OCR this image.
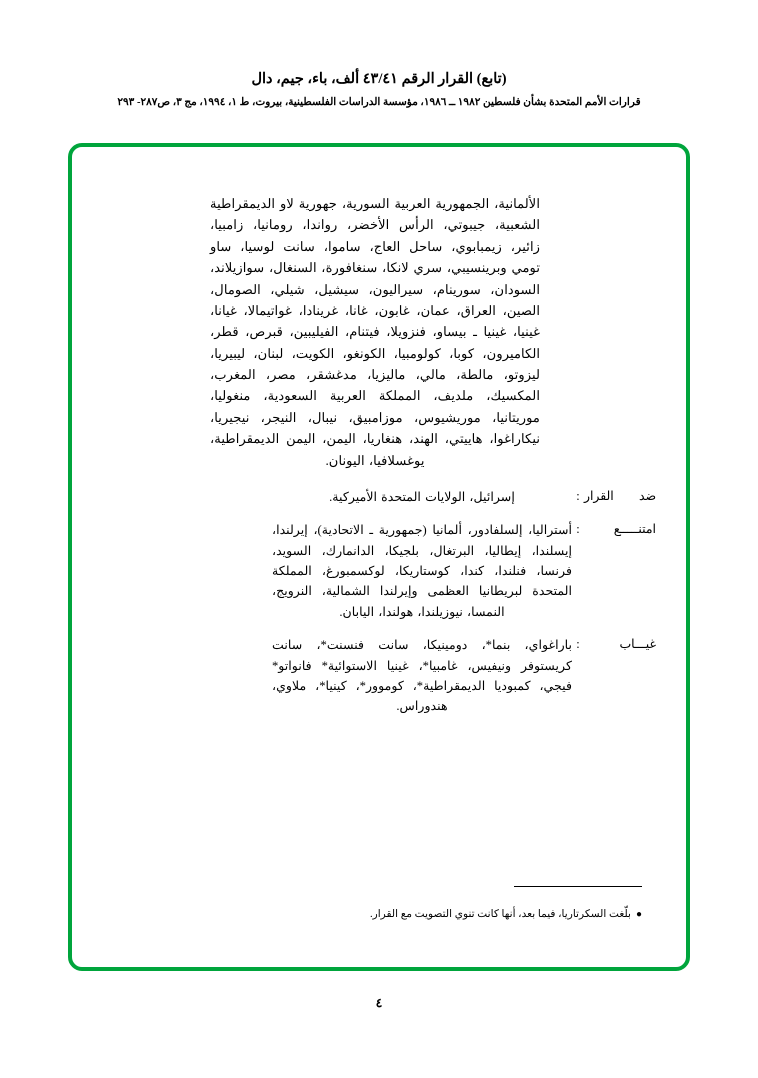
(تابع) القرار الرقم ٤٣/٤١ ألف، باء، جيم، دال
قرارات الأمم المتحدة بشأن فلسطين ١٩٨٢ ــ ١٩٨٦، مؤسسة الدراسات الفلسطينية، بيروت، ط ١، ١٩٩٤، مج ٣، ص٢٨٧- ٢٩٣
الألمانية، الجمهورية العربية السورية، جهورية لاو الديمقراطية الشعبية، جيبوتي، الرأس الأخضر، رواندا، رومانيا، زامبيا، زائير، زيمبابوي، ساحل العاج، ساموا، سانت لوسيا، ساو تومي وبرينسيبي، سري لانكا، سنغافورة، السنغال، سوازيلاند، السودان، سورينام، سيراليون، سيشيل، شيلي، الصومال، الصين، العراق، عمان، غابون، غانا، غرينادا، غواتيمالا، غيانا، غينيا، غينيا ـ بيساو، فنزويلا، فيتنام، الفيليبين، قبرص، قطر، الكاميرون، كوبا، كولومبيا، الكونغو، الكويت، لبنان، ليبيريا، ليزوتو، مالطة، مالي، ماليزيا، مدغشقر، مصر، المغرب، المكسيك، ملديف، المملكة العربية السعودية، منغوليا، موريتانيا، موريشيوس، موزامبيق، نيبال، النيجر، نيجيريا، نيكاراغوا، هاييتي، الهند، هنغاريا، اليمن، اليمن الديمقراطية، يوغسلافيا، اليونان.
ضد القرار
:
إسرائيل، الولايات المتحدة الأميركية.
امتنـــــع
:
أستراليا، إلسلفادور، ألمانيا (جمهورية ـ الاتحادية)، إيرلندا، إيسلندا، إيطاليا، البرتغال، بلجيكا، الدانمارك، السويد، فرنسا، فنلندا، كندا، كوستاريكا، لوكسمبورغ، المملكة المتحدة لبريطانيا العظمى وإيرلندا الشمالية، النرويج، النمسا، نيوزيلندا، هولندا، اليابان.
غيـــاب
:
باراغواي، بنما*، دومينيكا، سانت فنسنت*، سانت كريستوفر ونيفيس، غامبيا*، غينيا الاستوائية* فانواتو* فيجي، كمبوديا الديمقراطية*، كوموور*، كينيا*، ملاوي، هندوراس.
●بلّغت السكرتاريا، فيما بعد، أنها كانت تنوي التصويت مع القرار.
٤
